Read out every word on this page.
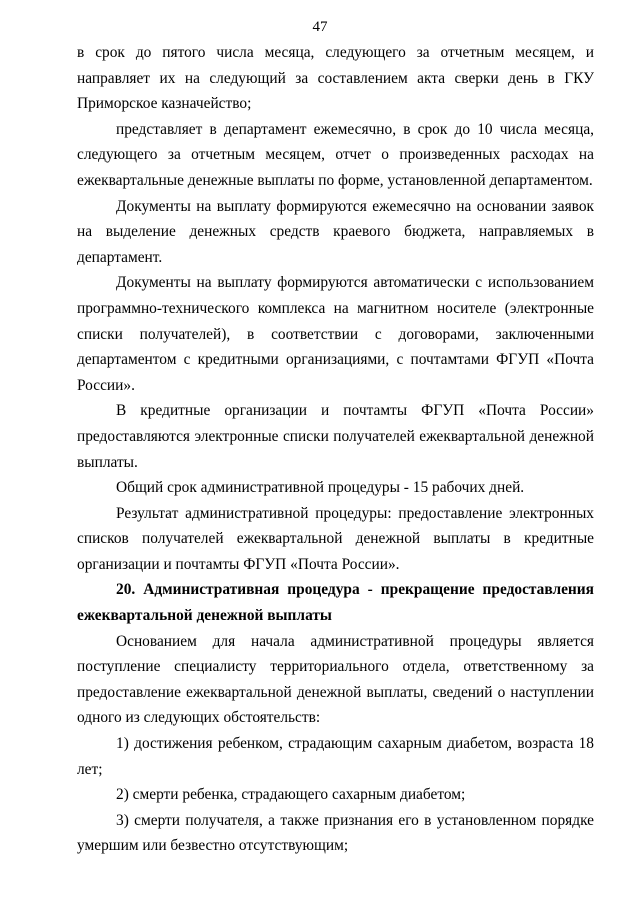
47

в срок до пятого числа месяца, следующего за отчетным месяцем, и направляет их на следующий за составлением акта сверки день в ГКУ Приморское казначейство;

представляет в департамент ежемесячно, в срок до 10 числа месяца, следующего за отчетным месяцем, отчет о произведенных расходах на ежеквартальные денежные выплаты по форме, установленной департаментом.

Документы на выплату формируются ежемесячно на основании заявок на выделение денежных средств краевого бюджета, направляемых в департамент.

Документы на выплату формируются автоматически с использованием программно-технического комплекса на магнитном носителе (электронные списки получателей), в соответствии с договорами, заключенными департаментом с кредитными организациями, с почтамтами ФГУП «Почта России».

В кредитные организации и почтамты ФГУП «Почта России» предоставляются электронные списки получателей ежеквартальной денежной выплаты.

Общий срок административной процедуры - 15 рабочих дней.

Результат административной процедуры: предоставление электронных списков получателей ежеквартальной денежной выплаты в кредитные организации и почтамты ФГУП «Почта России».

20. Административная процедура - прекращение предоставления ежеквартальной денежной выплаты

Основанием для начала административной процедуры является поступление специалисту территориального отдела, ответственному за предоставление ежеквартальной денежной выплаты, сведений о наступлении одного из следующих обстоятельств:

1) достижения ребенком, страдающим сахарным диабетом, возраста 18 лет;

2) смерти ребенка, страдающего сахарным диабетом;

3) смерти получателя, а также признания его в установленном порядке умершим или безвестно отсутствующим;
